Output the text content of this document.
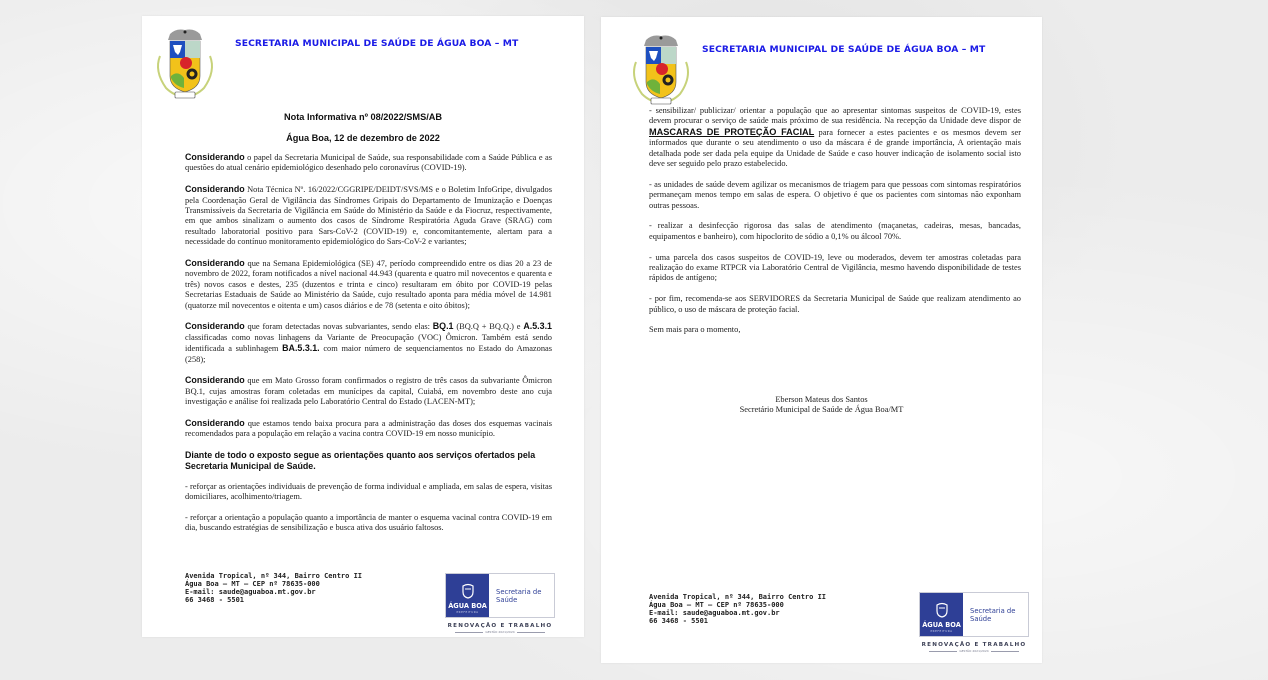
SECRETARIA MUNICIPAL DE SAÚDE DE ÁGUA BOA – MT
Nota Informativa nº 08/2022/SMS/AB
Água Boa, 12 de dezembro de 2022

Considerando o papel da Secretaria Municipal de Saúde, sua responsabilidade com a Saúde Pública e as questões do atual cenário epidemiológico desenhado pelo coronavírus (COVID-19).

Considerando Nota Técnica Nº. 16/2022/CGGRIPE/DEIDT/SVS/MS e o Boletim InfoGripe, divulgados pela Coordenação Geral de Vigilância das Síndromes Gripais do Departamento de Imunização e Doenças Transmissíveis da Secretaria de Vigilância em Saúde do Ministério da Saúde e da Fiocruz, respectivamente, em que ambos sinalizam o aumento dos casos de Síndrome Respiratória Aguda Grave (SRAG) com resultado laboratorial positivo para Sars-CoV-2 (COVID-19) e, concomitantemente, alertam para a necessidade do contínuo monitoramento epidemiológico do Sars-CoV-2 e variantes;

Considerando que na Semana Epidemiológica (SE) 47, período compreendido entre os dias 20 a 23 de novembro de 2022, foram notificados a nível nacional 44.943 (quarenta e quatro mil novecentos e quarenta e três) novos casos e destes, 235 (duzentos e trinta e cinco) resultaram em óbito por COVID-19 pelas Secretarias Estaduais de Saúde ao Ministério da Saúde, cujo resultado aponta para média móvel de 14.981 (quatorze mil novecentos e oitenta e um) casos diários e de 78 (setenta e oito óbitos);

Considerando que foram detectadas novas subvariantes, sendo elas: BQ.1 (BQ.Q + BQ.Q.) e A.5.3.1 classificadas como novas linhagens da Variante de Preocupação (VOC) Ômicron. Também está sendo identificada a sublinhagem BA.5.3.1. com maior número de sequenciamentos no Estado do Amazonas (258);

Considerando que em Mato Grosso foram confirmados o registro de três casos da subvariante Ômicron BQ.1, cujas amostras foram coletadas em munícipes da capital, Cuiabá, em novembro deste ano cuja investigação e análise foi realizada pelo Laboratório Central do Estado (LACEN-MT);

Considerando que estamos tendo baixa procura para a administração das doses dos esquemas vacinais recomendados para a população em relação a vacina contra COVID-19 em nosso município.

Diante de todo o exposto segue as orientações quanto aos serviços ofertados pela Secretaria Municipal de Saúde.

- reforçar as orientações individuais de prevenção de forma individual e ampliada, em salas de espera, visitas domiciliares, acolhimento/triagem.

- reforçar a orientação a população quanto a importância de manter o esquema vacinal contra COVID-19 em dia, buscando estratégias de sensibilização e busca ativa dos usuário faltosos.

Avenida Tropical, nº 344, Bairro Centro II
Água Boa – MT – CEP nº 78635-000
E-mail: saude@aguaboa.mt.gov.br
66 3468 - 5501
ÁGUA BOA
PREFEITURA
Secretaria de
Saúde
RENOVAÇÃO E TRABALHO
GESTÃO 2021/2024
SECRETARIA MUNICIPAL DE SAÚDE DE ÁGUA BOA – MT

- sensibilizar/ publicizar/ orientar a população que ao apresentar sintomas suspeitos de COVID-19, estes devem procurar o serviço de saúde mais próximo de sua residência. Na recepção da Unidade deve dispor de MASCARAS DE PROTEÇÃO FACIAL para fornecer a estes pacientes e os mesmos devem ser informados que durante o seu atendimento o uso da máscara é de grande importância, A orientação mais detalhada pode ser dada pela equipe da Unidade de Saúde e caso houver indicação de isolamento social isto deve ser seguido pelo prazo estabelecido.

- as unidades de saúde devem agilizar os mecanismos de triagem para que pessoas com sintomas respiratórios permaneçam menos tempo em salas de espera. O objetivo é que os pacientes com sintomas não exponham outras pessoas.

- realizar a desinfecção rigorosa das salas de atendimento (maçanetas, cadeiras, mesas, bancadas, equipamentos e banheiro), com hipoclorito de sódio a 0,1% ou álcool 70%.

- uma parcela dos casos suspeitos de COVID-19, leve ou moderados, devem ter amostras coletadas para realização do exame RTPCR via Laboratório Central de Vigilância, mesmo havendo disponibilidade de testes rápidos de antígeno;

- por fim, recomenda-se aos SERVIDORES da Secretaria Municipal de Saúde que realizam atendimento ao público, o uso de máscara de proteção facial.

Sem mais para o momento,

Eberson Mateus dos Santos
Secretário Municipal de Saúde de Água Boa/MT
Avenida Tropical, nº 344, Bairro Centro II
Água Boa – MT – CEP nº 78635-000
E-mail: saude@aguaboa.mt.gov.br
66 3468 - 5501	ÁGUA BOA
PREFEITURA
Secretaria de
Saúde
RENOVAÇÃO E TRABALHO
GESTÃO 2021/2024
